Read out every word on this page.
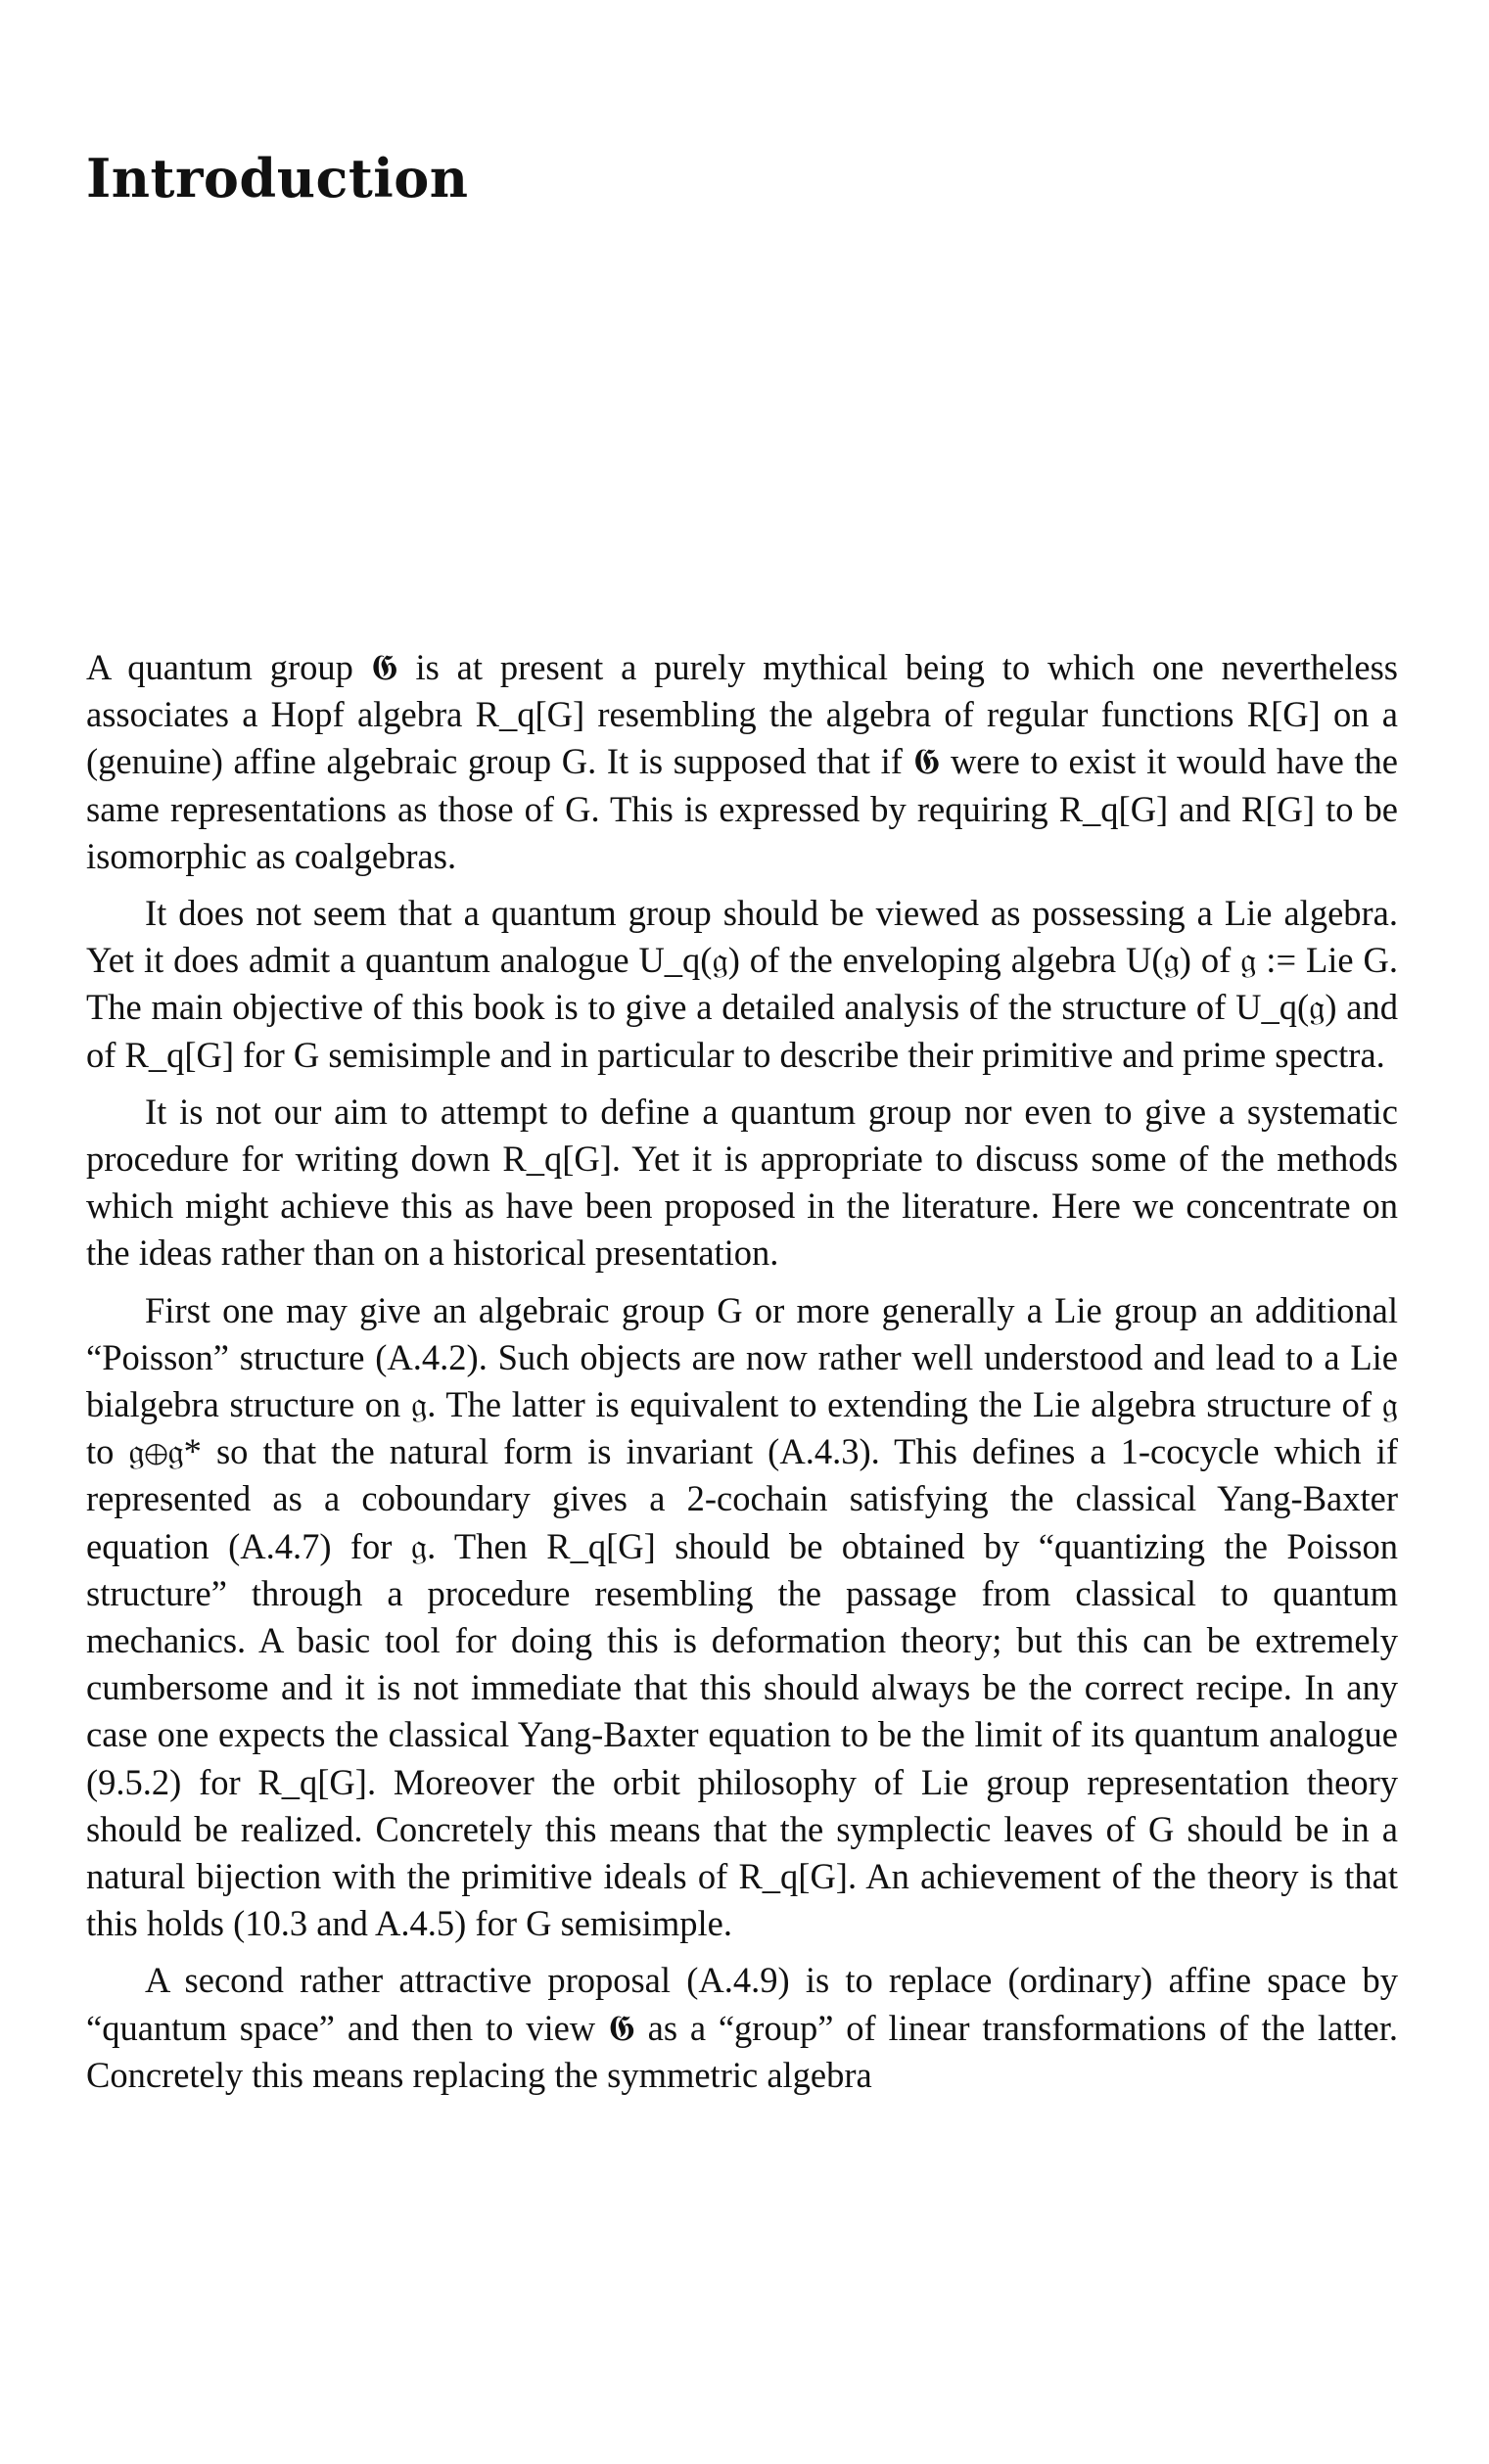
Introduction

A quantum group 𝕲 is at present a purely mythical being to which one nevertheless associates a Hopf algebra R_q[G] resembling the algebra of regular functions R[G] on a (genuine) affine algebraic group G. It is supposed that if 𝕲 were to exist it would have the same representations as those of G. This is expressed by requiring R_q[G] and R[G] to be isomorphic as coalgebras.

It does not seem that a quantum group should be viewed as possessing a Lie algebra. Yet it does admit a quantum analogue U_q(𝔤) of the enveloping algebra U(𝔤) of 𝔤 := Lie G. The main objective of this book is to give a detailed analysis of the structure of U_q(𝔤) and of R_q[G] for G semisimple and in particular to describe their primitive and prime spectra.

It is not our aim to attempt to define a quantum group nor even to give a systematic procedure for writing down R_q[G]. Yet it is appropriate to discuss some of the methods which might achieve this as have been proposed in the literature. Here we concentrate on the ideas rather than on a historical presentation.

First one may give an algebraic group G or more generally a Lie group an additional “Poisson” structure (A.4.2). Such objects are now rather well understood and lead to a Lie bialgebra structure on 𝔤. The latter is equivalent to extending the Lie algebra structure of 𝔤 to 𝔤⊕𝔤* so that the natural form is invariant (A.4.3). This defines a 1-cocycle which if represented as a coboundary gives a 2-cochain satisfying the classical Yang-Baxter equation (A.4.7) for 𝔤. Then R_q[G] should be obtained by “quantizing the Poisson structure” through a procedure resembling the passage from classical to quantum mechanics. A basic tool for doing this is deformation theory; but this can be extremely cumbersome and it is not immediate that this should always be the correct recipe. In any case one expects the classical Yang-Baxter equation to be the limit of its quantum analogue (9.5.2) for R_q[G]. Moreover the orbit philosophy of Lie group representation theory should be realized. Concretely this means that the symplectic leaves of G should be in a natural bijection with the primitive ideals of R_q[G]. An achievement of the theory is that this holds (10.3 and A.4.5) for G semisimple.

A second rather attractive proposal (A.4.9) is to replace (ordinary) affine space by “quantum space” and then to view 𝕲 as a “group” of linear transformations of the latter. Concretely this means replacing the symmetric algebra
